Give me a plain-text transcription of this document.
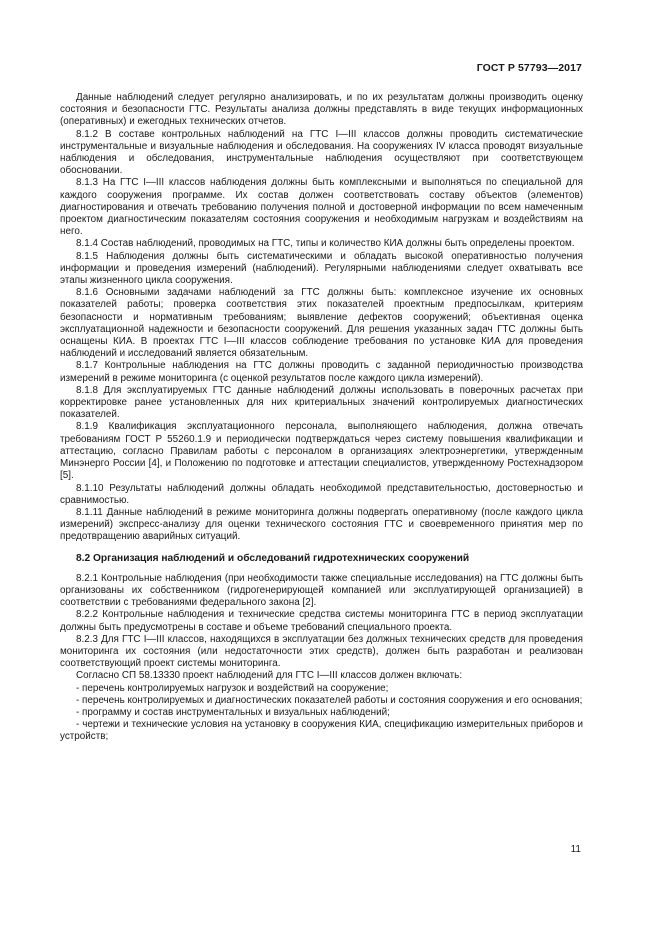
ГОСТ Р 57793—2017

Данные наблюдений следует регулярно анализировать, и по их результатам должны производить оценку состояния и безопасности ГТС. Результаты анализа должны представлять в виде текущих информационных (оперативных) и ежегодных технических отчетов.

8.1.2 В составе контрольных наблюдений на ГТС I—III классов должны проводить систематические инструментальные и визуальные наблюдения и обследования. На сооружениях IV класса проводят визуальные наблюдения и обследования, инструментальные наблюдения осуществляют при соответствующем обосновании.

8.1.3 На ГТС I—III классов наблюдения должны быть комплексными и выполняться по специальной для каждого сооружения программе. Их состав должен соответствовать составу объектов (элементов) диагностирования и отвечать требованию получения полной и достоверной информации по всем намеченным проектом диагностическим показателям состояния сооружения и необходимым нагрузкам и воздействиям на него.

8.1.4 Состав наблюдений, проводимых на ГТС, типы и количество КИА должны быть определены проектом.

8.1.5 Наблюдения должны быть систематическими и обладать высокой оперативностью получения информации и проведения измерений (наблюдений). Регулярными наблюдениями следует охватывать все этапы жизненного цикла сооружения.

8.1.6 Основными задачами наблюдений за ГТС должны быть: комплексное изучение их основных показателей работы; проверка соответствия этих показателей проектным предпосылкам, критериям безопасности и нормативным требованиям; выявление дефектов сооружений; объективная оценка эксплуатационной надежности и безопасности сооружений. Для решения указанных задач ГТС должны быть оснащены КИА. В проектах ГТС I—III классов соблюдение требования по установке КИА для проведения наблюдений и исследований является обязательным.

8.1.7 Контрольные наблюдения на ГТС должны проводить с заданной периодичностью производства измерений в режиме мониторинга (с оценкой результатов после каждого цикла измерений).

8.1.8 Для эксплуатируемых ГТС данные наблюдений должны использовать в поверочных расчетах при корректировке ранее установленных для них критериальных значений контролируемых диагностических показателей.

8.1.9 Квалификация эксплуатационного персонала, выполняющего наблюдения, должна отвечать требованиям ГОСТ Р 55260.1.9 и периодически подтверждаться через систему повышения квалификации и аттестацию, согласно Правилам работы с персоналом в организациях электроэнергетики, утвержденным Минэнерго России [4], и Положению по подготовке и аттестации специалистов, утвержденному Ростехнадзором [5].

8.1.10 Результаты наблюдений должны обладать необходимой представительностью, достоверностью и сравнимостью.

8.1.11 Данные наблюдений в режиме мониторинга должны подвергать оперативному (после каждого цикла измерений) экспресс-анализу для оценки технического состояния ГТС и своевременного принятия мер по предотвращению аварийных ситуаций.

8.2 Организация наблюдений и обследований гидротехнических сооружений

8.2.1 Контрольные наблюдения (при необходимости также специальные исследования) на ГТС должны быть организованы их собственником (гидрогенерирующей компанией или эксплуатирующей организацией) в соответствии с требованиями федерального закона [2].

8.2.2 Контрольные наблюдения и технические средства системы мониторинга ГТС в период эксплуатации должны быть предусмотрены в составе и объеме требований специального проекта.

8.2.3 Для ГТС I—III классов, находящихся в эксплуатации без должных технических средств для проведения мониторинга их состояния (или недостаточности этих средств), должен быть разработан и реализован соответствующий проект системы мониторинга.

Согласно СП 58.13330 проект наблюдений для ГТС I—III классов должен включать:

- перечень контролируемых нагрузок и воздействий на сооружение;

- перечень контролируемых и диагностических показателей работы и состояния сооружения и его основания;

- программу и состав инструментальных и визуальных наблюдений;

- чертежи и технические условия на установку в сооружения КИА, спецификацию измерительных приборов и устройств;

11
